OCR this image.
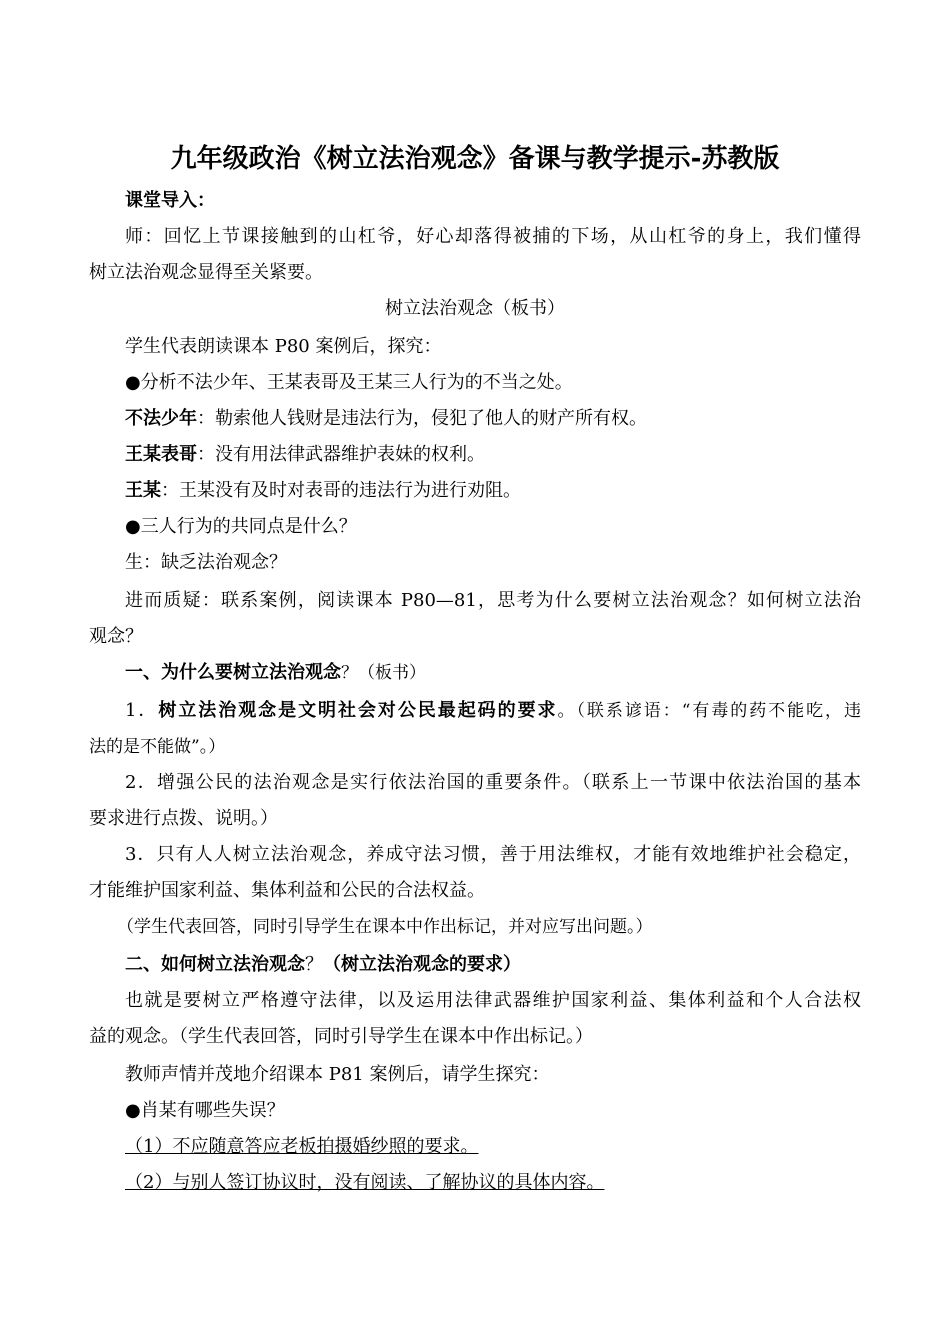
九年级政治《树立法治观念》备课与教学提示-苏教版
课堂导入：
师：回忆上节课接触到的山杠爷，好心却落得被捕的下场，从山杠爷的身上，我们懂得
树立法治观念显得至关紧要。
树立法治观念（板书）
学生代表朗读课本 P80 案例后，探究：
●分析不法少年、王某表哥及王某三人行为的不当之处。
不法少年：勒索他人钱财是违法行为，侵犯了他人的财产所有权。
王某表哥：没有用法律武器维护表妹的权利。
王某：王某没有及时对表哥的违法行为进行劝阻。
●三人行为的共同点是什么？
生：缺乏法治观念？
进而质疑：联系案例，阅读课本 P80—81，思考为什么要树立法治观念？如何树立法治
观念？
一、为什么要树立法治观念？（板书）
1．树立法治观念是文明社会对公民最起码的要求。（联系谚语：“有毒的药不能吃，违
法的是不能做”。）
2．增强公民的法治观念是实行依法治国的重要条件。（联系上一节课中依法治国的基本
要求进行点拨、说明。）
3．只有人人树立法治观念，养成守法习惯，善于用法维权，才能有效地维护社会稳定，
才能维护国家利益、集体利益和公民的合法权益。
（学生代表回答，同时引导学生在课本中作出标记，并对应写出问题。）
二、如何树立法治观念？（树立法治观念的要求）
也就是要树立严格遵守法律，以及运用法律武器维护国家利益、集体利益和个人合法权
益的观念。（学生代表回答，同时引导学生在课本中作出标记。）
教师声情并茂地介绍课本 P81 案例后，请学生探究：
●肖某有哪些失误？
（1）不应随意答应老板拍摄婚纱照的要求。
（2）与别人签订协议时，没有阅读、了解协议的具体内容。
